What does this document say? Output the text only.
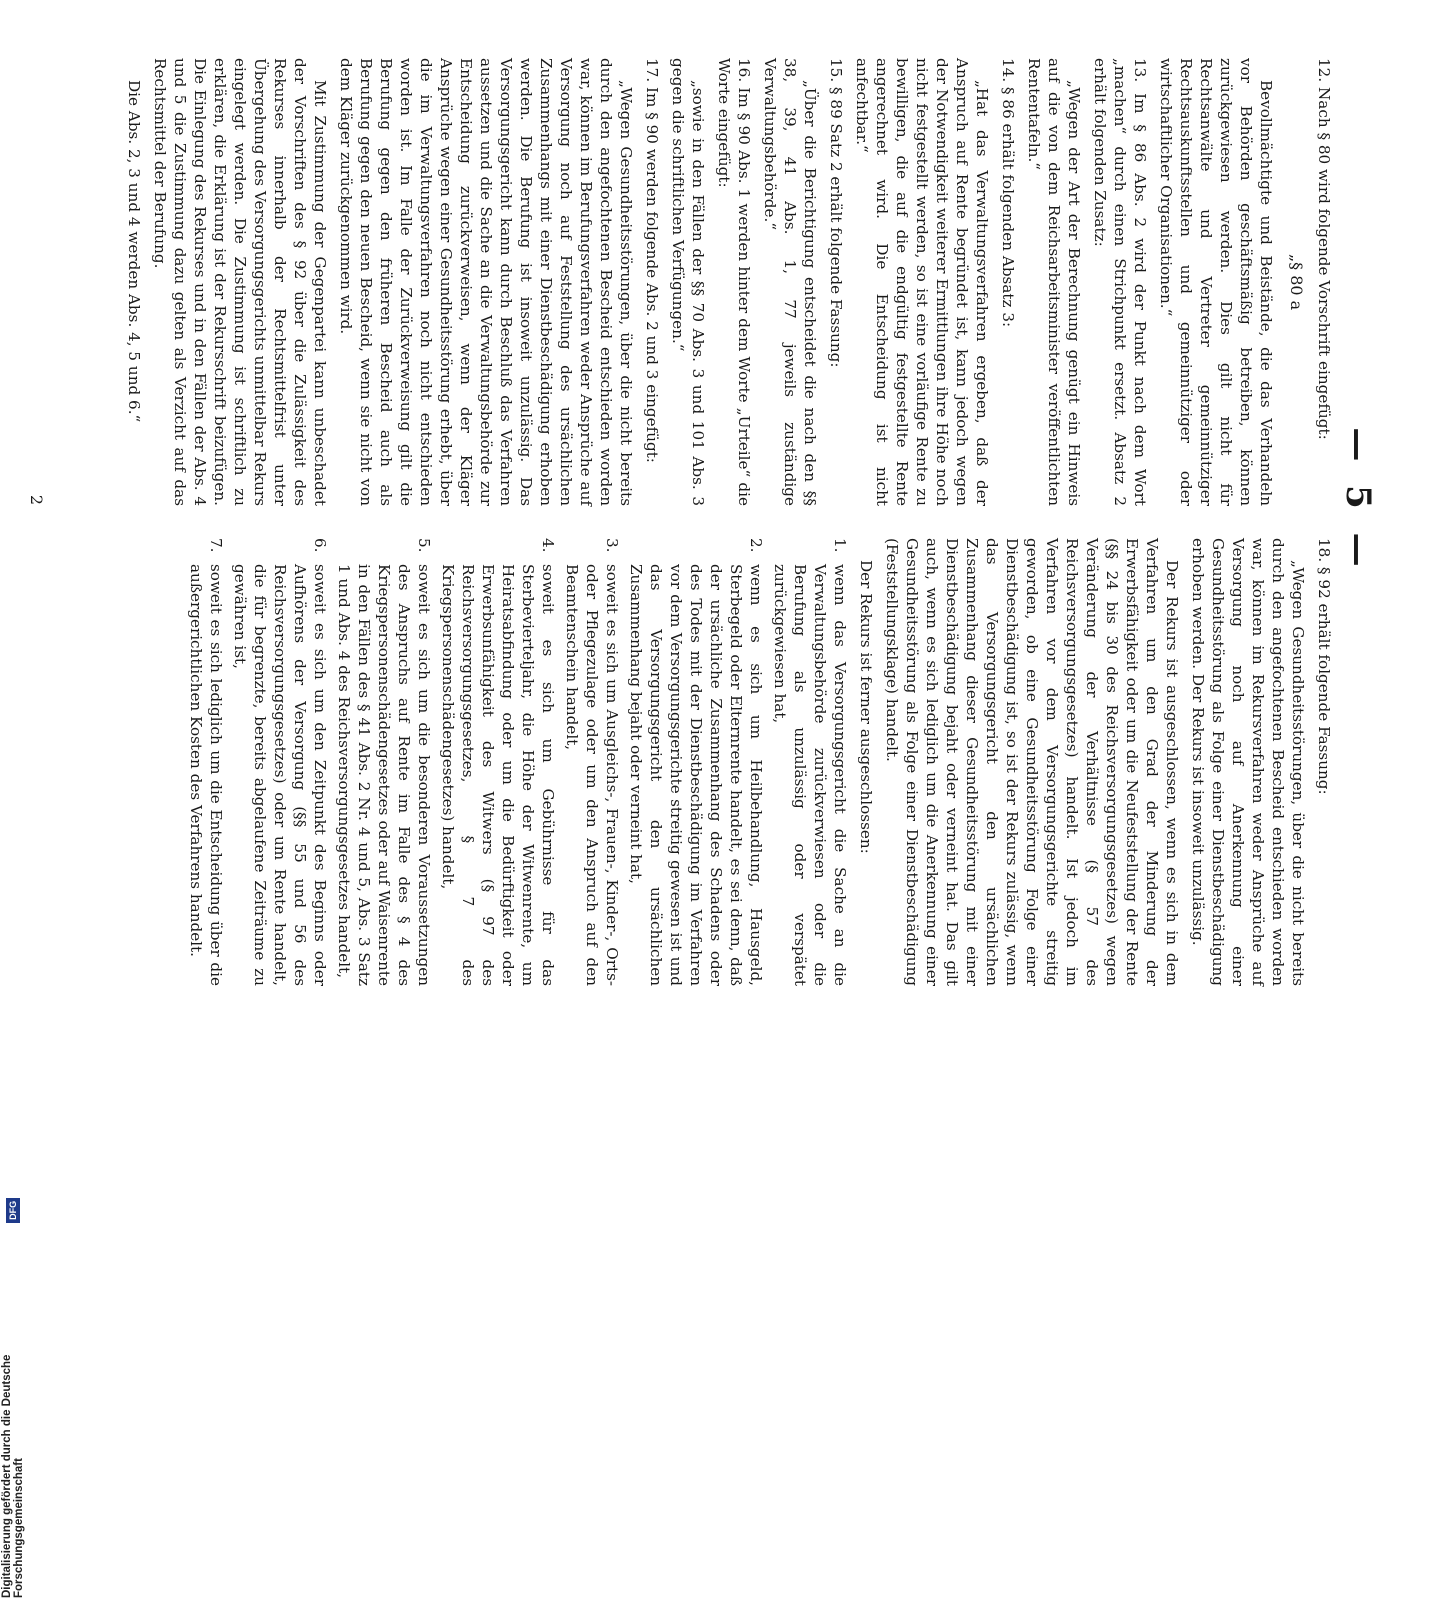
— 5 —

12. Nach § 80 wird folgende Vorschrift eingefügt:

„§ 80 a

Bevollmächtigte und Beistände, die das Verhandeln vor Behörden geschäftsmäßig betreiben, können zurückgewiesen werden. Dies gilt nicht für Rechtsanwälte und Vertreter gemeinnütziger Rechtsauskunftsstellen und gemeinnütziger oder wirtschaftlicher Organisationen.“

13. Im § 86 Abs. 2 wird der Punkt nach dem Wort „machen“ durch einen Strichpunkt ersetzt. Absatz 2 erhält folgenden Zusatz:

„Wegen der Art der Berechnung genügt ein Hinweis auf die von dem Reichsarbeitsminister veröffentlichten Rententafeln.“

14. § 86 erhält folgenden Absatz 3:

„Hat das Verwaltungsverfahren ergeben, daß der Anspruch auf Rente begründet ist, kann jedoch wegen der Notwendigkeit weiterer Ermittlungen ihre Höhe noch nicht festgestellt werden, so ist eine vorläufige Rente zu bewilligen, die auf die endgültig festgestellte Rente angerechnet wird. Die Entscheidung ist nicht anfechtbar.“

15. § 89 Satz 2 erhält folgende Fassung:

„Über die Berichtigung entscheidet die nach den §§ 38, 39, 41 Abs. 1, 77 jeweils zuständige Verwaltungsbehörde.“

16. Im § 90 Abs. 1 werden hinter dem Worte „Urteile“ die Worte eingefügt:

„sowie in den Fällen der §§ 70 Abs. 3 und 101 Abs. 3 gegen die schriftlichen Verfügungen.“

17. Im § 90 werden folgende Abs. 2 und 3 eingefügt:

„Wegen Gesundheitsstörungen, über die nicht bereits durch den angefochtenen Bescheid entschieden worden war, können im Berufungsverfahren weder Ansprüche auf Versorgung noch auf Feststellung des ursächlichen Zusammenhangs mit einer Dienstbeschädigung erhoben werden. Die Berufung ist insoweit unzulässig. Das Versorgungsgericht kann durch Beschluß das Verfahren aussetzen und die Sache an die Verwaltungsbehörde zur Entscheidung zurückverweisen, wenn der Kläger Ansprüche wegen einer Gesundheitsstörung erhebt, über die im Verwaltungsverfahren noch nicht entschieden worden ist. Im Falle der Zurückverweisung gilt die Berufung gegen den früheren Bescheid auch als Berufung gegen den neuen Bescheid, wenn sie nicht von dem Kläger zurückgenommen wird.

Mit Zustimmung der Gegenpartei kann unbeschadet der Vorschriften des § 92 über die Zulässigkeit des Rekurses innerhalb der Rechtsmittelfrist unter Übergehung des Versorgungsgerichts unmittelbar Rekurs eingelegt werden. Die Zustimmung ist schriftlich zu erklären, die Erklärung ist der Rekursschrift beizufügen. Die Einlegung des Rekurses und in den Fällen der Abs. 4 und 5 die Zustimmung dazu gelten als Verzicht auf das Rechtsmittel der Berufung.

Die Abs. 2, 3 und 4 werden Abs. 4, 5 und 6.“

18. § 92 erhält folgende Fassung:

„Wegen Gesundheitsstörungen, über die nicht bereits durch den angefochtenen Bescheid entschieden worden war, können im Rekursverfahren weder Ansprüche auf Versorgung noch auf Anerkennung einer Gesundheitsstörung als Folge einer Dienstbeschädigung erhoben werden. Der Rekurs ist insoweit unzulässig.

Der Rekurs ist ausgeschlossen, wenn es sich in dem Verfahren um den Grad der Minderung der Erwerbsfähigkeit oder um die Neufeststellung der Rente (§§ 24 bis 30 des Reichsversorgungsgesetzes) wegen Veränderung der Verhältnisse (§ 57 des Reichsversorgungsgesetzes) handelt. Ist jedoch im Verfahren vor dem Versorgungsgerichte streitig geworden, ob eine Gesundheitsstörung Folge einer Dienstbeschädigung ist, so ist der Rekurs zulässig, wenn das Versorgungsgericht den ursächlichen Zusammenhang dieser Gesundheitsstörung mit einer Dienstbeschädigung bejaht oder verneint hat. Das gilt auch, wenn es sich lediglich um die Anerkennung einer Gesundheitsstörung als Folge einer Dienstbeschädigung (Feststellungsklage) handelt.

Der Rekurs ist ferner ausgeschlossen:

1.
wenn das Versorgungsgericht die Sache an die Verwaltungsbehörde zurückverwiesen oder die Berufung als unzulässig oder verspätet zurückgewiesen hat,
2.
wenn es sich um Heilbehandlung, Hausgeld, Sterbegeld oder Elternrente handelt, es sei denn, daß der ursächliche Zusammenhang des Schadens oder des Todes mit der Dienstbeschädigung im Verfahren vor dem Versorgungsgerichte streitig gewesen ist und das Versorgungsgericht den ursächlichen Zusammenhang bejaht oder verneint hat,
3.
soweit es sich um Ausgleichs-, Frauen-, Kinder-, Orts- oder Pflegezulage oder um den Anspruch auf den Beamtenschein handelt,
4.
soweit es sich um Gebührnisse für das Sterbevierteljahr, die Höhe der Witwenrente, um Heiratsabfindung oder um die Bedürftigkeit oder Erwerbsunfähigkeit des Witwers (§ 97 des Reichsversorgungsgesetzes, § 7 des Kriegspersonenschädengesetzes) handelt,
5.
soweit es sich um die besonderen Voraussetzungen des Anspruchs auf Rente im Falle des § 4 des Kriegspersonenschädengesetzes oder auf Waisenrente in den Fällen des § 41 Abs. 2 Nr. 4 und 5, Abs. 3 Satz 1 und Abs. 4 des Reichsversorgungsgesetzes handelt,
6.
soweit es sich um den Zeitpunkt des Beginns oder Aufhörens der Versorgung (§§ 55 und 56 des Reichsversorgungsgesetzes) oder um Rente handelt, die für begrenzte, bereits abgelaufene Zeiträume zu gewähren ist,
7.
soweit es sich lediglich um die Entscheidung über die außergerichtlichen Kosten des Verfahrens handelt.
2
Digitalisierung gefördert durch die Deutsche Forschungsgemeinschaft
DFG
